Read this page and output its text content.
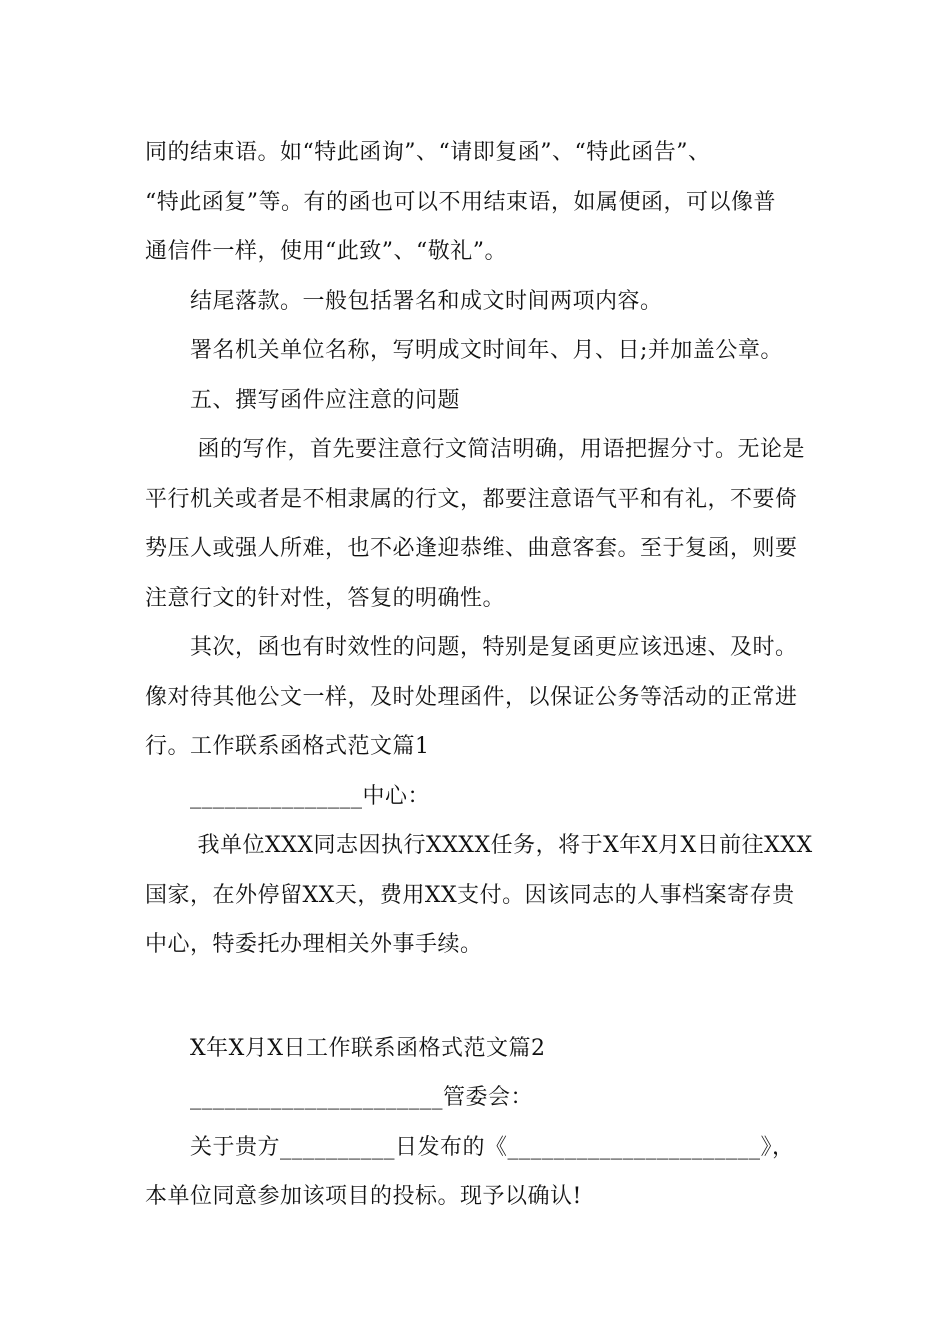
同的结束语。如“特此函询”、“请即复函”、“特此函告”、
“特此函复”等。有的函也可以不用结束语，如属便函，可以像普
通信件一样，使用“此致”、“敬礼”。
结尾落款。一般包括署名和成文时间两项内容。
署名机关单位名称，写明成文时间年、月、日;并加盖公章。
五、撰写函件应注意的问题
函的写作，首先要注意行文简洁明确，用语把握分寸。无论是
平行机关或者是不相隶属的行文，都要注意语气平和有礼，不要倚
势压人或强人所难，也不必逢迎恭维、曲意客套。至于复函，则要
注意行文的针对性，答复的明确性。
其次，函也有时效性的问题，特别是复函更应该迅速、及时。
像对待其他公文一样，及时处理函件，以保证公务等活动的正常进
行。工作联系函格式范文篇1
_______________中心：
我单位XXX同志因执行XXXX任务，将于X年X月X日前往XXX
国家，在外停留XX天，费用XX支付。因该同志的人事档案寄存贵
中心，特委托办理相关外事手续。
X年X月X日工作联系函格式范文篇2
______________________管委会：
关于贵方__________日发布的《______________________》，
本单位同意参加该项目的投标。现予以确认!
